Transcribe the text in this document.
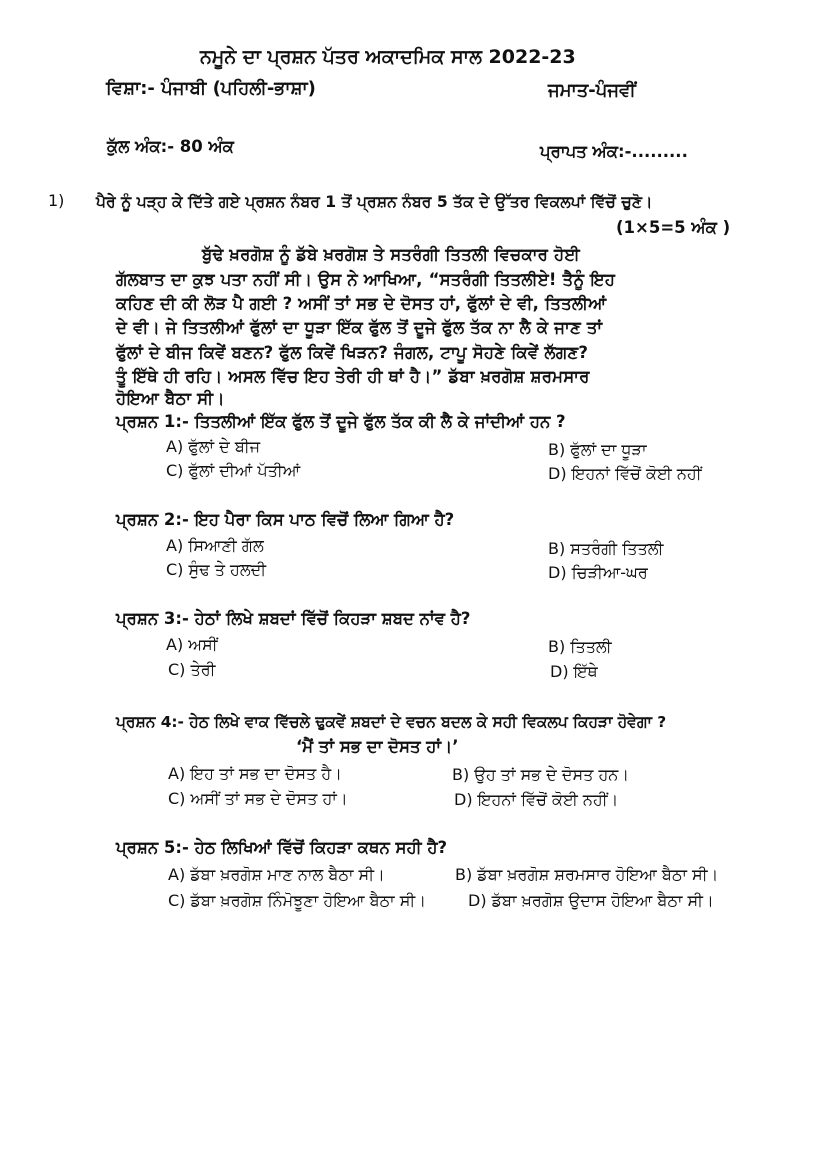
ਨਮੂਨੇ ਦਾ ਪ੍ਰਸ਼ਨ ਪੱਤਰ ਅਕਾਦਮਿਕ ਸਾਲ 2022-23
ਵਿਸ਼ਾ:- ਪੰਜਾਬੀ (ਪਹਿਲੀ-ਭਾਸ਼ਾ)	ਜਮਾਤ-ਪੰਜਵੀਂ
ਕੁੱਲ ਅੰਕ:- 80 ਅੰਕ	ਪ੍ਰਾਪਤ ਅੰਕ:-.........
1) ਪੈਰੇ ਨੂੰ ਪੜ੍ਹ ਕੇ ਦਿੱਤੇ ਗਏ ਪ੍ਰਸ਼ਨ ਨੰਬਰ 1 ਤੋਂ ਪ੍ਰਸ਼ਨ ਨੰਬਰ 5 ਤੱਕ ਦੇ ਉੱਤਰ ਵਿਕਲਪਾਂ ਵਿੱਚੋਂ ਚੁਣੋ।
(1×5=5 ਅੰਕ )
ਬੁੱਢੇ ਖ਼ਰਗੋਸ਼ ਨੂੰ ਡੱਬੇ ਖ਼ਰਗੋਸ਼ ਤੇ ਸਤਰੰਗੀ ਤਿਤਲੀ ਵਿਚਕਾਰ ਹੋਈ
ਗੱਲਬਾਤ ਦਾ ਕੁਝ ਪਤਾ ਨਹੀਂ ਸੀ। ਉਸ ਨੇ ਆਖਿਆ, “ਸਤਰੰਗੀ ਤਿਤਲੀਏ! ਤੈਨੂੰ ਇਹ
ਕਹਿਣ ਦੀ ਕੀ ਲੋੜ ਪੈ ਗਈ ? ਅਸੀਂ ਤਾਂ ਸਭ ਦੇ ਦੋਸਤ ਹਾਂ, ਫੁੱਲਾਂ ਦੇ ਵੀ, ਤਿਤਲੀਆਂ
ਦੇ ਵੀ। ਜੇ ਤਿਤਲੀਆਂ ਫੁੱਲਾਂ ਦਾ ਧੂੜਾ ਇੱਕ ਫੁੱਲ ਤੋਂ ਦੂਜੇ ਫੁੱਲ ਤੱਕ ਨਾ ਲੈ ਕੇ ਜਾਣ ਤਾਂ
ਫੁੱਲਾਂ ਦੇ ਬੀਜ ਕਿਵੇਂ ਬਣਨ? ਫੁੱਲ ਕਿਵੇਂ ਖਿੜਨ? ਜੰਗਲ, ਟਾਪੂ ਸੋਹਣੇ ਕਿਵੇਂ ਲੱਗਣ?
ਤੂੰ ਇੱਥੇ ਹੀ ਰਹਿ। ਅਸਲ ਵਿੱਚ ਇਹ ਤੇਰੀ ਹੀ ਥਾਂ ਹੈ।” ਡੱਬਾ ਖ਼ਰਗੋਸ਼ ਸ਼ਰਮਸਾਰ
ਹੋਇਆ ਬੈਠਾ ਸੀ।
ਪ੍ਰਸ਼ਨ 1:- ਤਿਤਲੀਆਂ ਇੱਕ ਫੁੱਲ ਤੋਂ ਦੂਜੇ ਫੁੱਲ ਤੱਕ ਕੀ ਲੈ ਕੇ ਜਾਂਦੀਆਂ ਹਨ ?
A) ਫੁੱਲਾਂ ਦੇ ਬੀਜ	B) ਫੁੱਲਾਂ ਦਾ ਧੂੜਾ
C) ਫੁੱਲਾਂ ਦੀਆਂ ਪੱਤੀਆਂ	D) ਇਹਨਾਂ ਵਿੱਚੋਂ ਕੋਈ ਨਹੀਂ
ਪ੍ਰਸ਼ਨ 2:- ਇਹ ਪੈਰਾ ਕਿਸ ਪਾਠ ਵਿਚੋਂ ਲਿਆ ਗਿਆ ਹੈ?
A) ਸਿਆਣੀ ਗੱਲ	B) ਸਤਰੰਗੀ ਤਿਤਲੀ
C) ਸੁੰਢ ਤੇ ਹਲਦੀ	D) ਚਿੜੀਆ-ਘਰ
ਪ੍ਰਸ਼ਨ 3:- ਹੇਠਾਂ ਲਿਖੇ ਸ਼ਬਦਾਂ ਵਿੱਚੋਂ ਕਿਹੜਾ ਸ਼ਬਦ ਨਾਂਵ ਹੈ?
A) ਅਸੀਂ	B) ਤਿਤਲੀ
C) ਤੇਰੀ	D) ਇੱਥੇ
ਪ੍ਰਸ਼ਨ 4:- ਹੇਠ ਲਿਖੇ ਵਾਕ ਵਿੱਚਲੇ ਢੁਕਵੇਂ ਸ਼ਬਦਾਂ ਦੇ ਵਚਨ ਬਦਲ ਕੇ ਸਹੀ ਵਿਕਲਪ ਕਿਹੜਾ ਹੋਵੇਗਾ ?
‘ਮੈਂ ਤਾਂ ਸਭ ਦਾ ਦੋਸਤ ਹਾਂ।’
A) ਇਹ ਤਾਂ ਸਭ ਦਾ ਦੋਸਤ ਹੈ।	B) ਉਹ ਤਾਂ ਸਭ ਦੇ ਦੋਸਤ ਹਨ।
C) ਅਸੀਂ ਤਾਂ ਸਭ ਦੇ ਦੋਸਤ ਹਾਂ।	D) ਇਹਨਾਂ ਵਿੱਚੋਂ ਕੋਈ ਨਹੀਂ।
ਪ੍ਰਸ਼ਨ 5:- ਹੇਠ ਲਿਖਿਆਂ ਵਿੱਚੋਂ ਕਿਹੜਾ ਕਥਨ ਸਹੀ ਹੈ?
A) ਡੱਬਾ ਖ਼ਰਗੋਸ਼ ਮਾਣ ਨਾਲ ਬੈਠਾ ਸੀ।	B) ਡੱਬਾ ਖ਼ਰਗੋਸ਼ ਸ਼ਰਮਸਾਰ ਹੋਇਆ ਬੈਠਾ ਸੀ।
C) ਡੱਬਾ ਖ਼ਰਗੋਸ਼ ਨਿੰਮੋਝੂਣਾ ਹੋਇਆ ਬੈਠਾ ਸੀ।	D) ਡੱਬਾ ਖ਼ਰਗੋਸ਼ ਉਦਾਸ ਹੋਇਆ ਬੈਠਾ ਸੀ।
